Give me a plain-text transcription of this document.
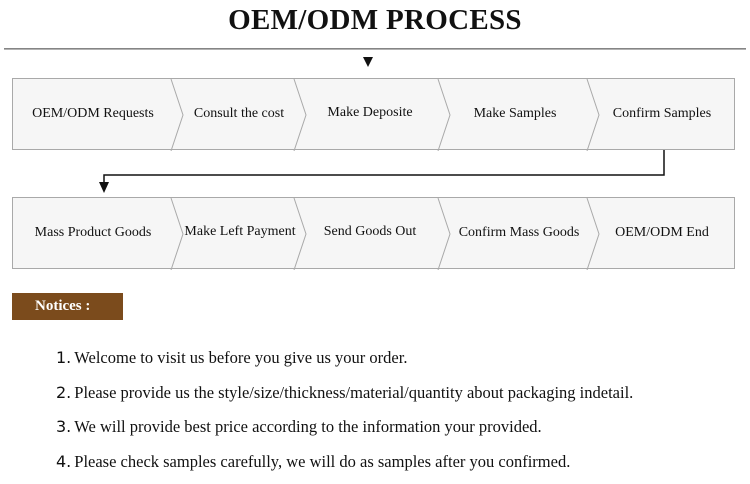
OEM/ODM PROCESS
OEM/ODM Requests	Consult the cost	Make Deposite	Make Samples	Confirm Samples
Mass Product Goods	Make Left Payment	Send Goods Out	Confirm Mass Goods	OEM/ODM End
Notices :
1. Welcome to visit us before you give us your order.
2. Please provide us the style/size/thickness/material/quantity about packaging indetail.
3. We will provide best price according to the information your provided.
4. Please check samples carefully, we will do as samples after you confirmed.
